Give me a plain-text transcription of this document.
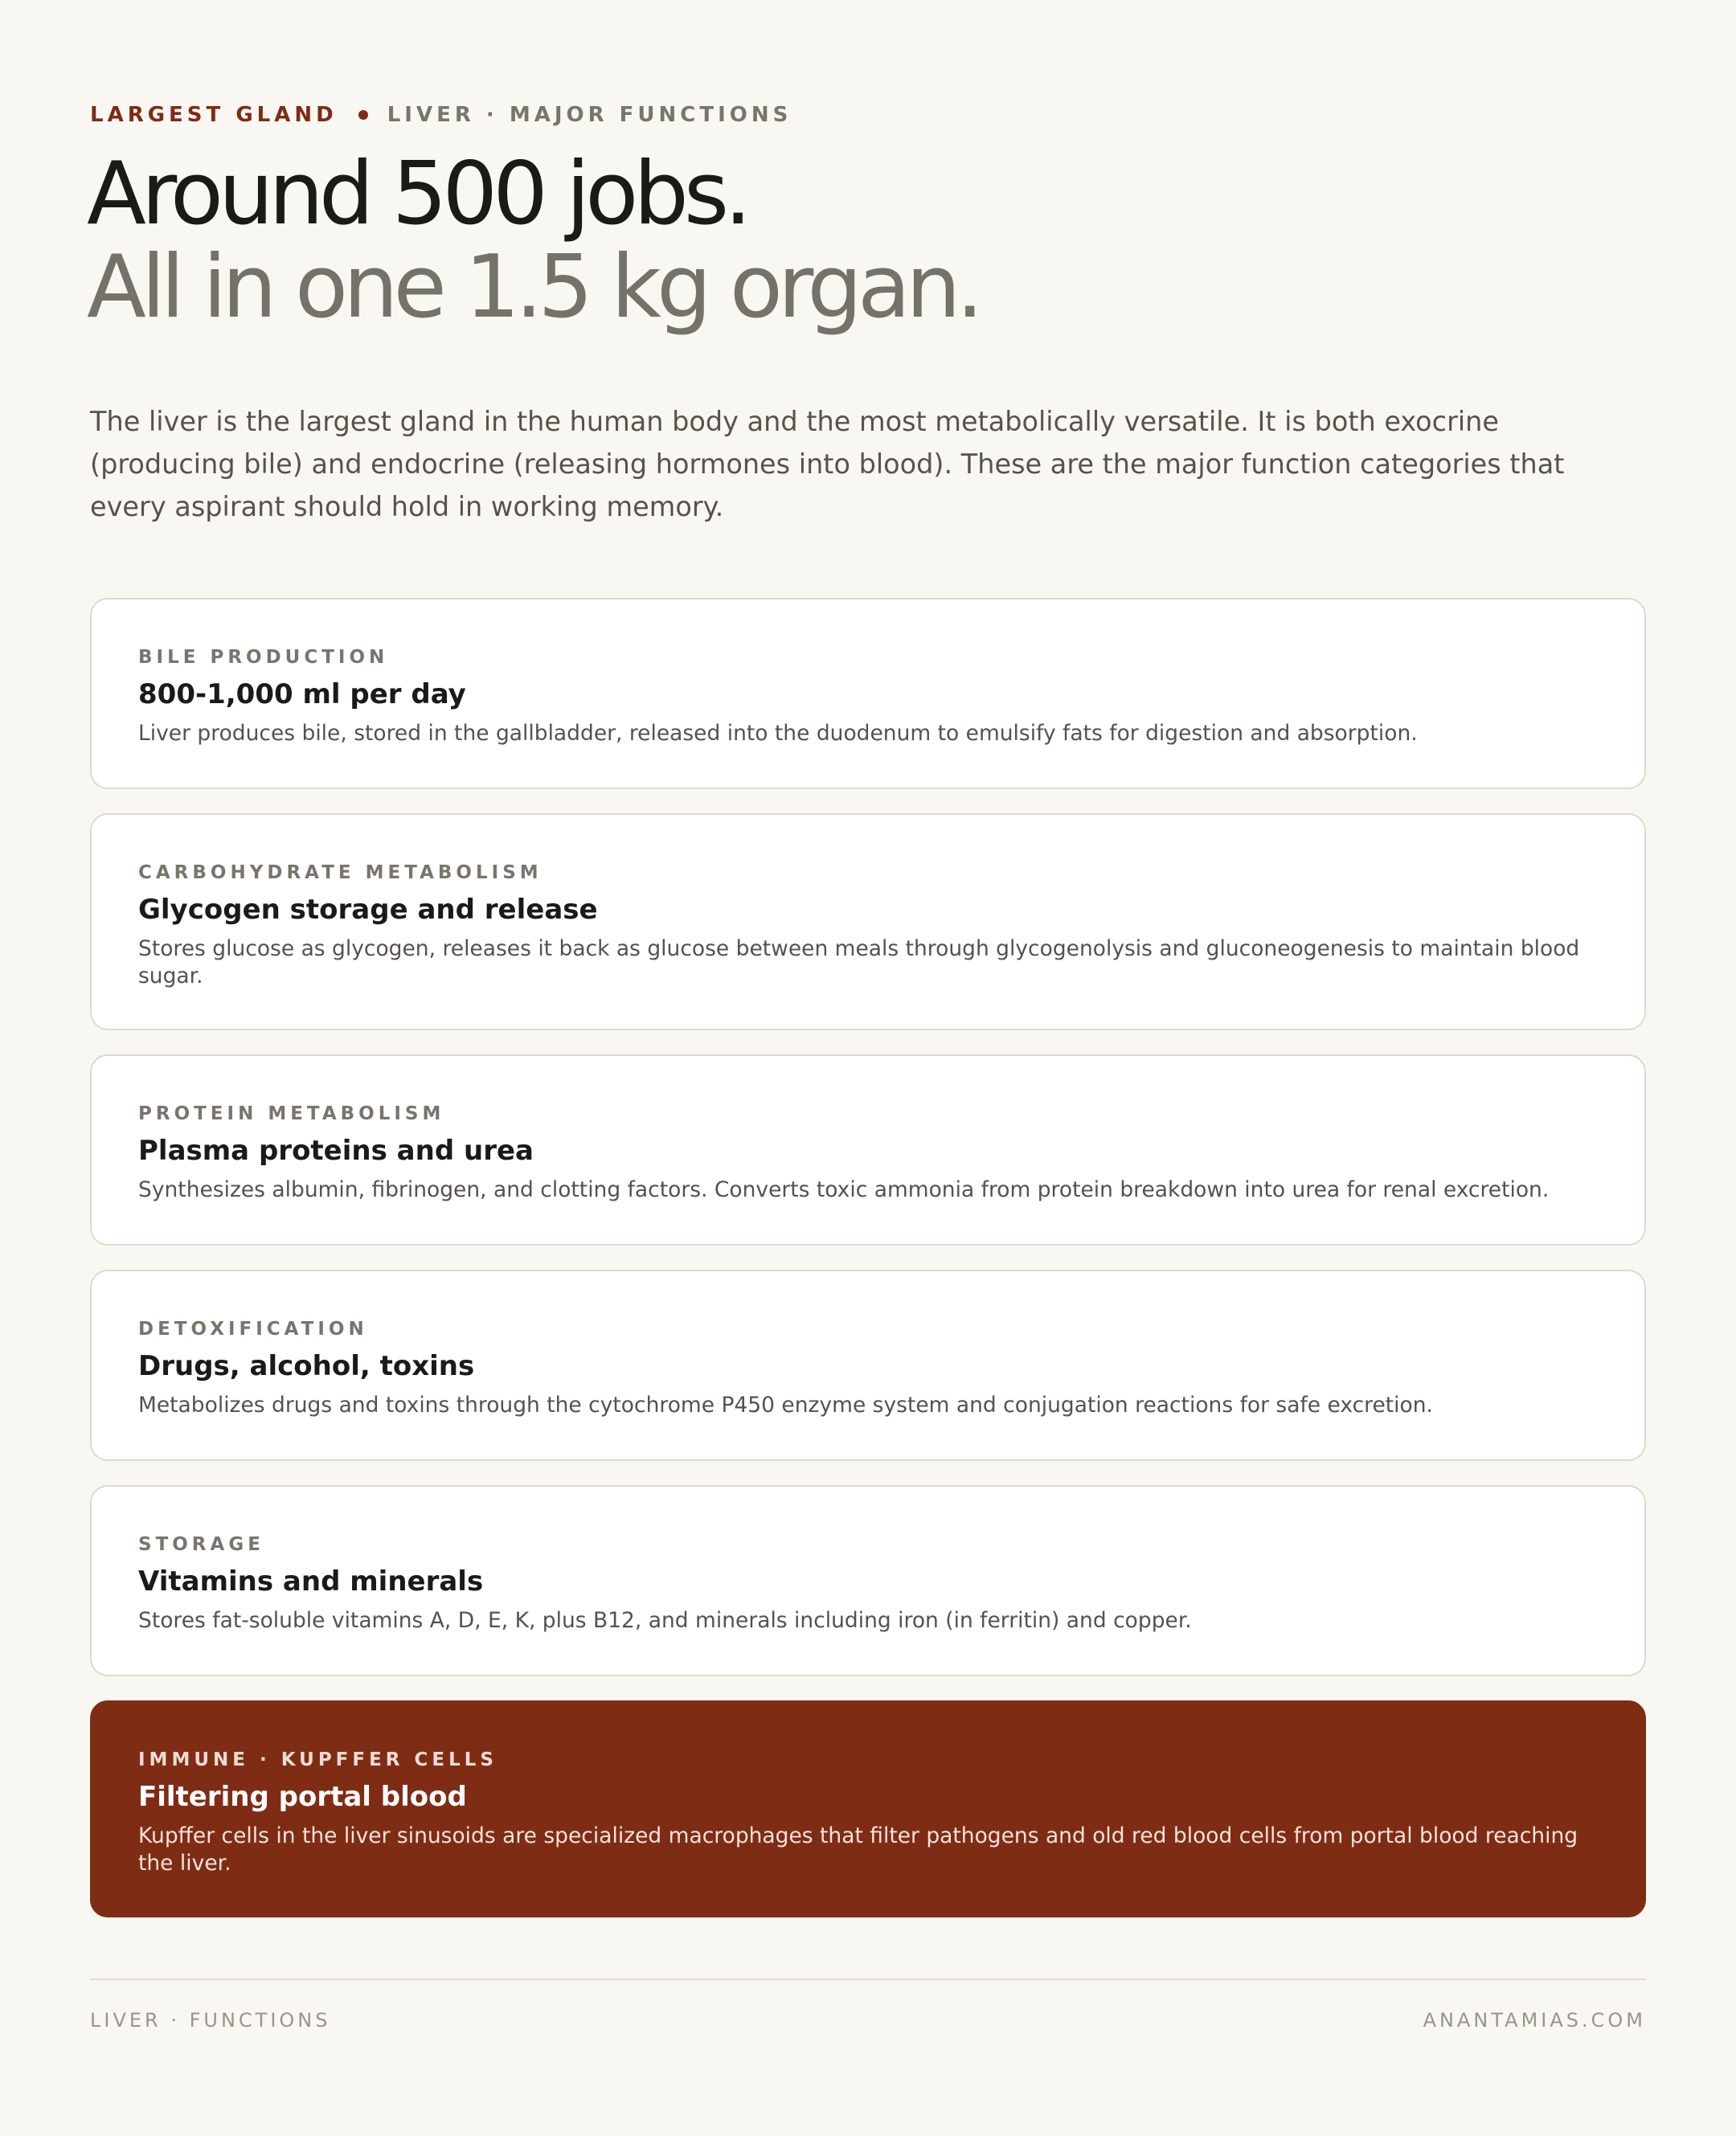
LARGEST GLAND LIVER · MAJOR FUNCTIONS
Around 500 jobs.
All in one 1.5 kg organ.

The liver is the largest gland in the human body and the most metabolically versatile. It is both exocrine (producing bile) and endocrine (releasing hormones into blood). These are the major function categories that every aspirant should hold in working memory.

BILE PRODUCTION
800-1,000 ml per day
Liver produces bile, stored in the gallbladder, released into the duodenum to emulsify fats for digestion and absorption.
CARBOHYDRATE METABOLISM
Glycogen storage and release
Stores glucose as glycogen, releases it back as glucose between meals through glycogenolysis and gluconeogenesis to maintain blood sugar.
PROTEIN METABOLISM
Plasma proteins and urea
Synthesizes albumin, fibrinogen, and clotting factors. Converts toxic ammonia from protein breakdown into urea for renal excretion.
DETOXIFICATION
Drugs, alcohol, toxins
Metabolizes drugs and toxins through the cytochrome P450 enzyme system and conjugation reactions for safe excretion.
STORAGE
Vitamins and minerals
Stores fat-soluble vitamins A, D, E, K, plus B12, and minerals including iron (in ferritin) and copper.
IMMUNE · KUPFFER CELLS
Filtering portal blood
Kupffer cells in the liver sinusoids are specialized macrophages that filter pathogens and old red blood cells from portal blood reaching the liver.
LIVER · FUNCTIONS	ANANTAMIAS.COM
